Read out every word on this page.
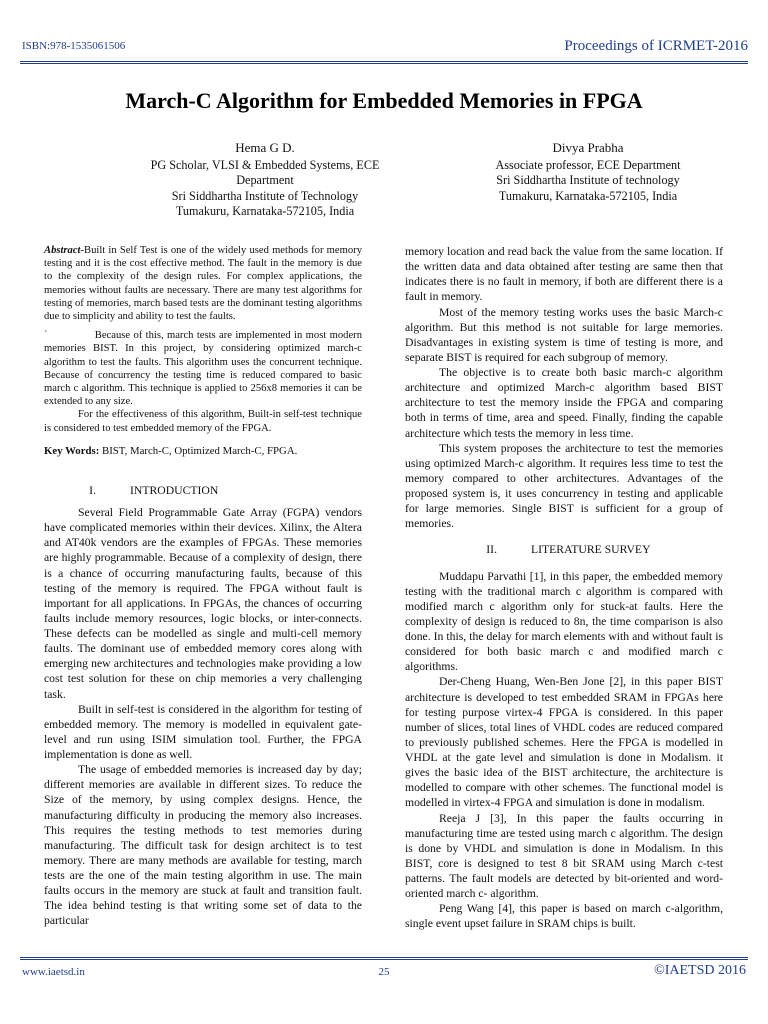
ISBN:978-1535061506	Proceedings of ICRMET-2016
March-C Algorithm for Embedded Memories in FPGA
Hema G D.
PG Scholar, VLSI & Embedded Systems, ECE
Department
Sri Siddhartha Institute of Technology
Tumakuru, Karnataka-572105, India
Divya Prabha
Associate professor, ECE Department
Sri Siddhartha Institute of technology
Tumakuru, Karnataka-572105, India

Abstract-Built in Self Test is one of the widely used methods for memory testing and it is the cost effective method. The fault in the memory is due to the complexity of the design rules. For complex applications, the memories without faults are necessary. There are many test algorithms for testing of memories, march based tests are the dominant testing algorithms due to simplicity and ability to test the faults.

`              Because of this, march tests are implemented in most modern memories BIST. In this project, by considering optimized march-c algorithm to test the faults. This algorithm uses the concurrent technique. Because of concurrency the testing time is reduced compared to basic march c algorithm. This technique is applied to 256x8 memories it can be extended to any size.

For the effectiveness of this algorithm, Built-in self-test technique is considered to test embedded memory of the FPGA.

Key Words: BIST, March-C, Optimized March-C, FPGA.

I.	INTRODUCTION

Several Field Programmable Gate Array (FGPA) vendors have complicated memories within their devices. Xilinx, the Altera and AT40k vendors are the examples of FPGAs. These memories are highly programmable. Because of a complexity of design, there is a chance of occurring manufacturing faults, because of this testing of the memory is required. The FPGA without fault is important for all applications. In FPGAs, the chances of occurring faults include memory resources, logic blocks, or inter-connects. These defects can be modelled as single and multi-cell memory faults. The dominant use of embedded memory cores along with emerging new architectures and technologies make providing a low cost test solution for these on chip memories a very challenging task.

Built in self-test is considered in the algorithm for testing of embedded memory. The memory is modelled in equivalent gate-level and run using ISIM simulation tool. Further, the FPGA implementation is done as well.

The usage of embedded memories is increased day by day; different memories are available in different sizes. To reduce the Size of the memory, by using complex designs. Hence, the manufacturing difficulty in producing the memory also increases. This requires the testing methods to test memories during manufacturing. The difficult task for design architect is to test memory. There are many methods are available for testing, march tests are the one of the main testing algorithm in use. The main faults occurs in the memory are stuck at fault and transition fault. The idea behind testing is that writing some set of data to the particular

memory location and read back the value from the same location. If the written data and data obtained after testing are same then that indicates there is no fault in memory, if both are different there is a fault in memory.

Most of the memory testing works uses the basic March-c algorithm. But this method is not suitable for large memories. Disadvantages in existing system is time of testing is more, and separate BIST is required for each subgroup of memory.

The objective is to create both basic march-c algorithm architecture and optimized March-c algorithm based BIST architecture to test the memory inside the FPGA and comparing both in terms of time, area and speed. Finally, finding the capable architecture which tests the memory in less time.

This system proposes the architecture to test the memories using optimized March-c algorithm. It requires less time to test the memory compared to other architectures. Advantages of the proposed system is, it uses concurrency in testing and applicable for large memories. Single BIST is sufficient for a group of memories.

II.	LITERATURE SURVEY

Muddapu Parvathi [1], in this paper, the embedded memory testing with the traditional march c algorithm is compared with modified march c algorithm only for stuck-at faults. Here the complexity of design is reduced to 8n, the time comparison is also done. In this, the delay for march elements with and without fault is considered for both basic march c and modified march c algorithms.

Der-Cheng Huang, Wen-Ben Jone [2], in this paper BIST architecture is developed to test embedded SRAM in FPGAs here for testing purpose virtex-4 FPGA is considered. In this paper number of slices, total lines of VHDL codes are reduced compared to previously published schemes. Here the FPGA is modelled in VHDL at the gate level and simulation is done in Modalism. it gives the basic idea of the BIST architecture, the architecture is modelled to compare with other schemes. The functional model is modelled in virtex-4 FPGA and simulation is done in modalism.

Reeja J [3], In this paper the faults occurring in manufacturing time are tested using march c algorithm. The design is done by VHDL and simulation is done in Modalism. In this BIST, core is designed to test 8 bit SRAM using March c-test patterns. The fault models are detected by bit-oriented and word-oriented march c- algorithm.

Peng Wang [4], this paper is based on march c-algorithm, single event upset failure in SRAM chips is built.

www.iaetsd.in	25	©IAETSD 2016
